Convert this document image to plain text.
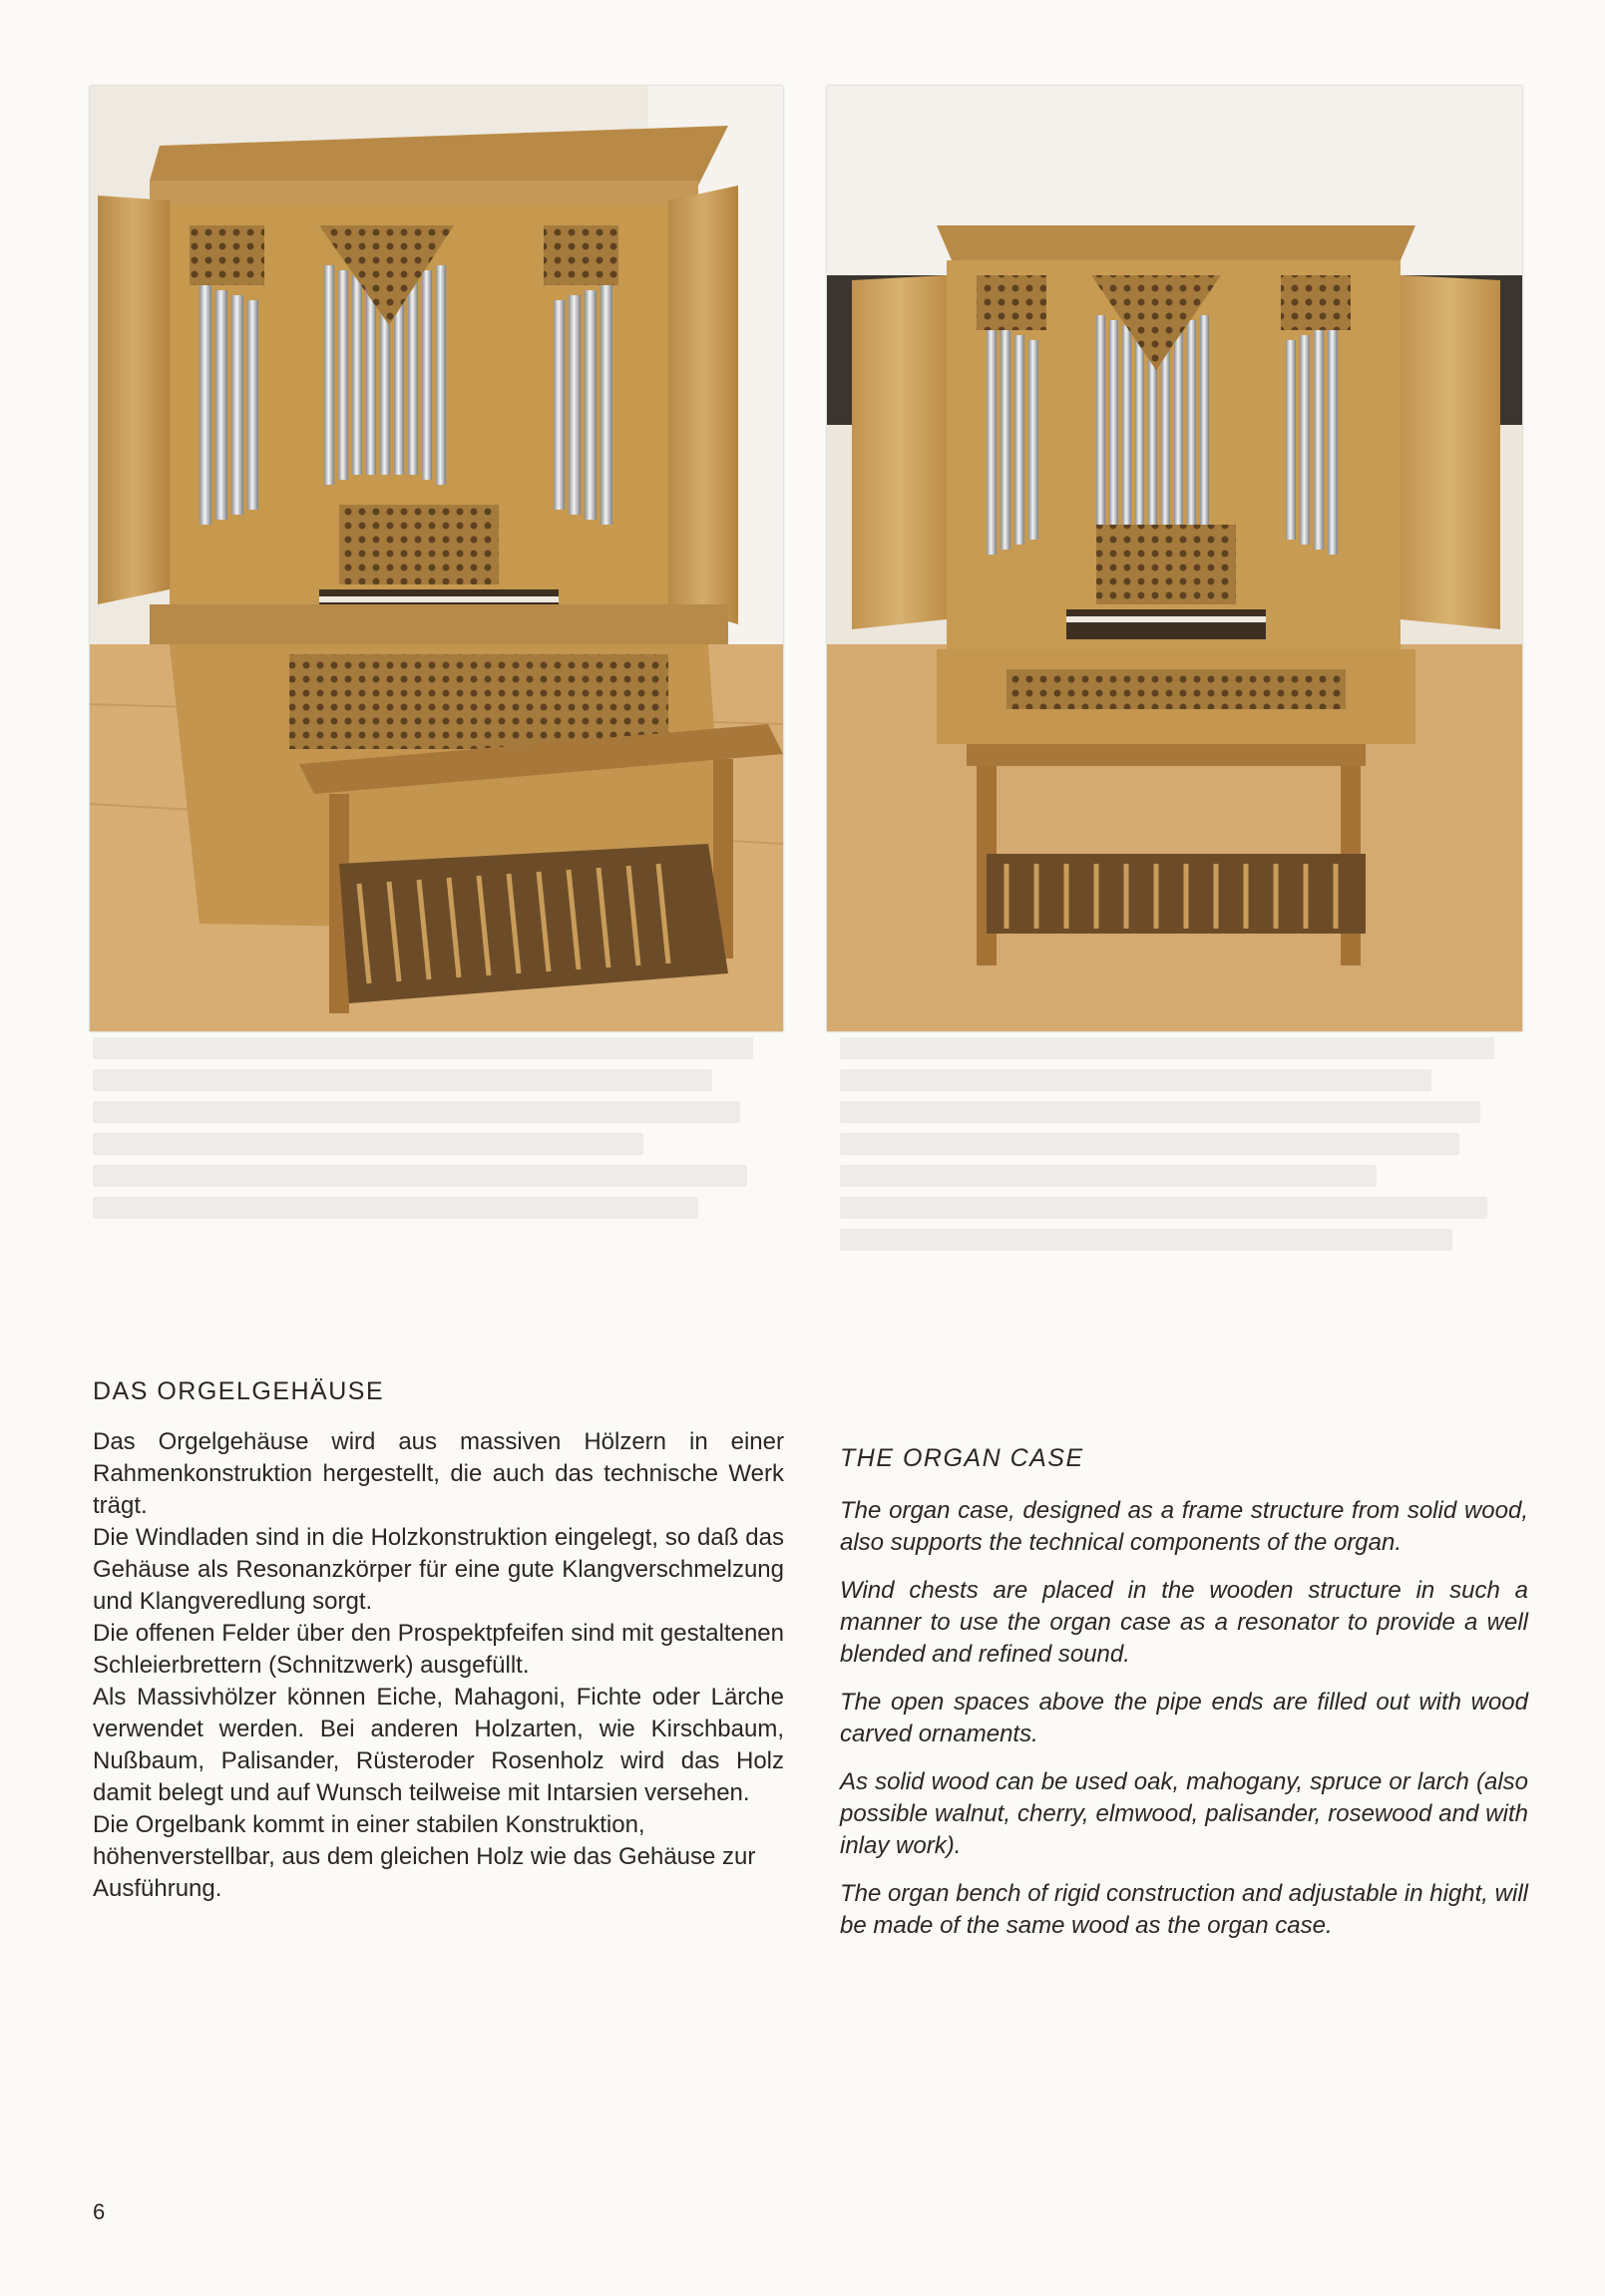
DAS ORGELGEHÄUSE

Das Orgelgehäuse wird aus massiven Hölzern in einer Rahmenkonstruktion hergestellt, die auch das technische Werk trägt.

Die Windladen sind in die Holzkonstruktion eingelegt, so daß das Gehäuse als Resonanzkörper für eine gute Klangverschmelzung und Klangveredlung sorgt.

Die offenen Felder über den Prospektpfeifen sind mit gestaltenen Schleierbrettern (Schnitzwerk) ausgefüllt.

Als Massivhölzer können Eiche, Mahagoni, Fichte oder Lärche verwendet werden. Bei anderen Holzarten, wie Kirschbaum, Nußbaum, Palisander, Rüsteroder Rosenholz wird das Holz damit belegt und auf Wunsch teilweise mit Intarsien versehen.

Die Orgelbank kommt in einer stabilen Konstruktion, höhenverstellbar, aus dem gleichen Holz wie das Gehäuse zur Ausführung.

THE ORGAN CASE

The organ case, designed as a frame structure from solid wood, also supports the technical components of the organ.

Wind chests are placed in the wooden structure in such a manner to use the organ case as a resonator to provide a well blended and refined sound.

The open spaces above the pipe ends are filled out with wood carved ornaments.

As solid wood can be used oak, mahogany, spruce or larch (also possible walnut, cherry, elmwood, palisander, rosewood and with inlay work).

The organ bench of rigid construction and adjustable in hight, will be made of the same wood as the organ case.

6
